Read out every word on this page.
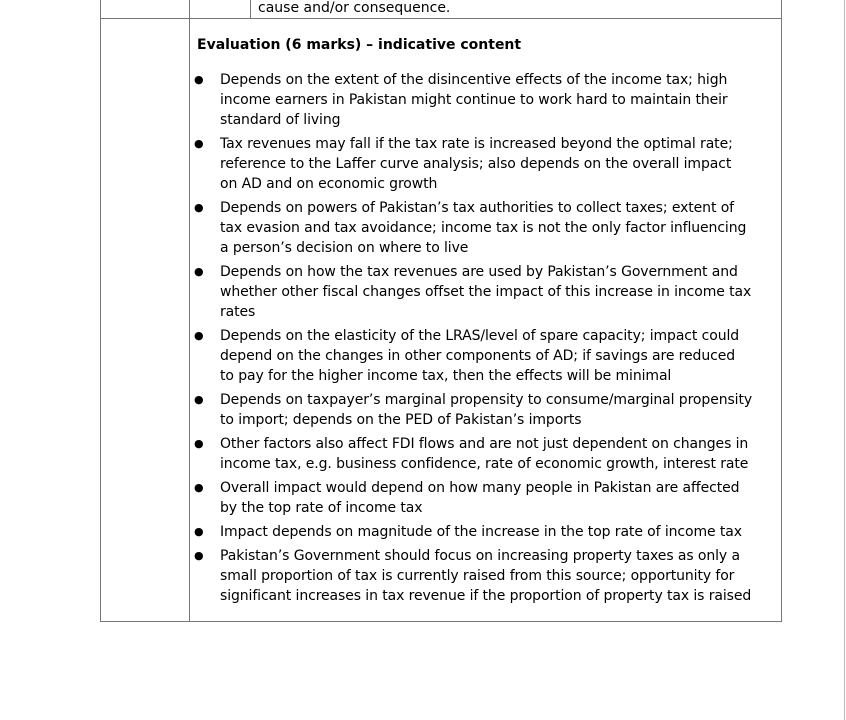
cause and/or consequence.
Evaluation (6 marks) – indicative content
● Depends on the extent of the disincentive effects of the income tax; high
income earners in Pakistan might continue to work hard to maintain their
standard of living
● Tax revenues may fall if the tax rate is increased beyond the optimal rate;
reference to the Laffer curve analysis; also depends on the overall impact
on AD and on economic growth
● Depends on powers of Pakistan’s tax authorities to collect taxes; extent of
tax evasion and tax avoidance; income tax is not the only factor influencing
a person’s decision on where to live
● Depends on how the tax revenues are used by Pakistan’s Government and
whether other fiscal changes offset the impact of this increase in income tax
rates
● Depends on the elasticity of the LRAS/level of spare capacity; impact could
depend on the changes in other components of AD; if savings are reduced
to pay for the higher income tax, then the effects will be minimal
● Depends on taxpayer’s marginal propensity to consume/marginal propensity
to import; depends on the PED of Pakistan’s imports
● Other factors also affect FDI flows and are not just dependent on changes in
income tax, e.g. business confidence, rate of economic growth, interest rate
● Overall impact would depend on how many people in Pakistan are affected
by the top rate of income tax
● Impact depends on magnitude of the increase in the top rate of income tax
● Pakistan’s Government should focus on increasing property taxes as only a
small proportion of tax is currently raised from this source; opportunity for
significant increases in tax revenue if the proportion of property tax is raised
